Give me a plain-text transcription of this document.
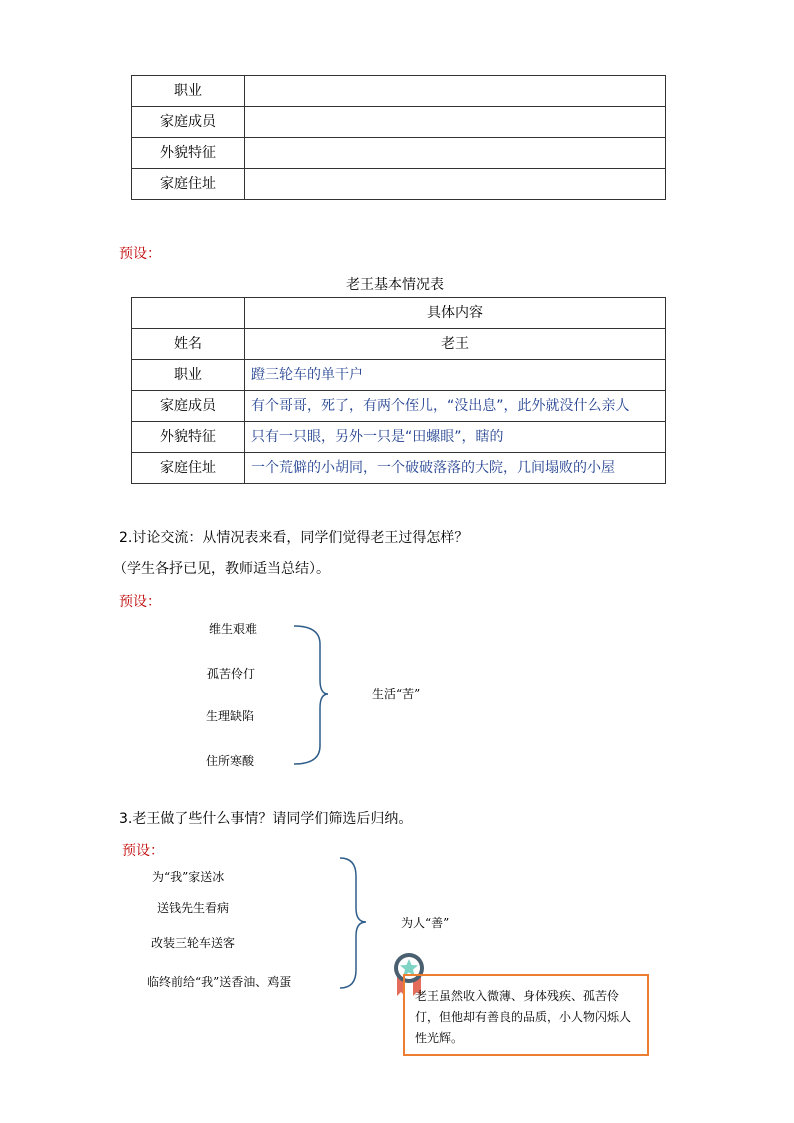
职业	
家庭成员	
外貌特征	
家庭住址	
预设：
老王基本情况表
	具体内容
姓名	老王
职业	蹬三轮车的单干户
家庭成员	有个哥哥，死了，有两个侄儿，“没出息”，此外就没什么亲人
外貌特征	只有一只眼，另外一只是“田螺眼”，瞎的
家庭住址	一个荒僻的小胡同，一个破破落落的大院，几间塌败的小屋
2.讨论交流：从情况表来看，同学们觉得老王过得怎样？
（学生各抒已见，教师适当总结）。
预设：
维生艰难
孤苦伶仃
生理缺陷
住所寒酸
生活“苦”
3.老王做了些什么事情？请同学们筛选后归纳。
预设：
为“我”家送冰
送钱先生看病
改装三轮车送客
临终前给“我”送香油、鸡蛋
为人“善”
老王虽然收入微薄、身体残疾、孤苦伶仃，但他却有善良的品质，小人物闪烁人性光辉。
